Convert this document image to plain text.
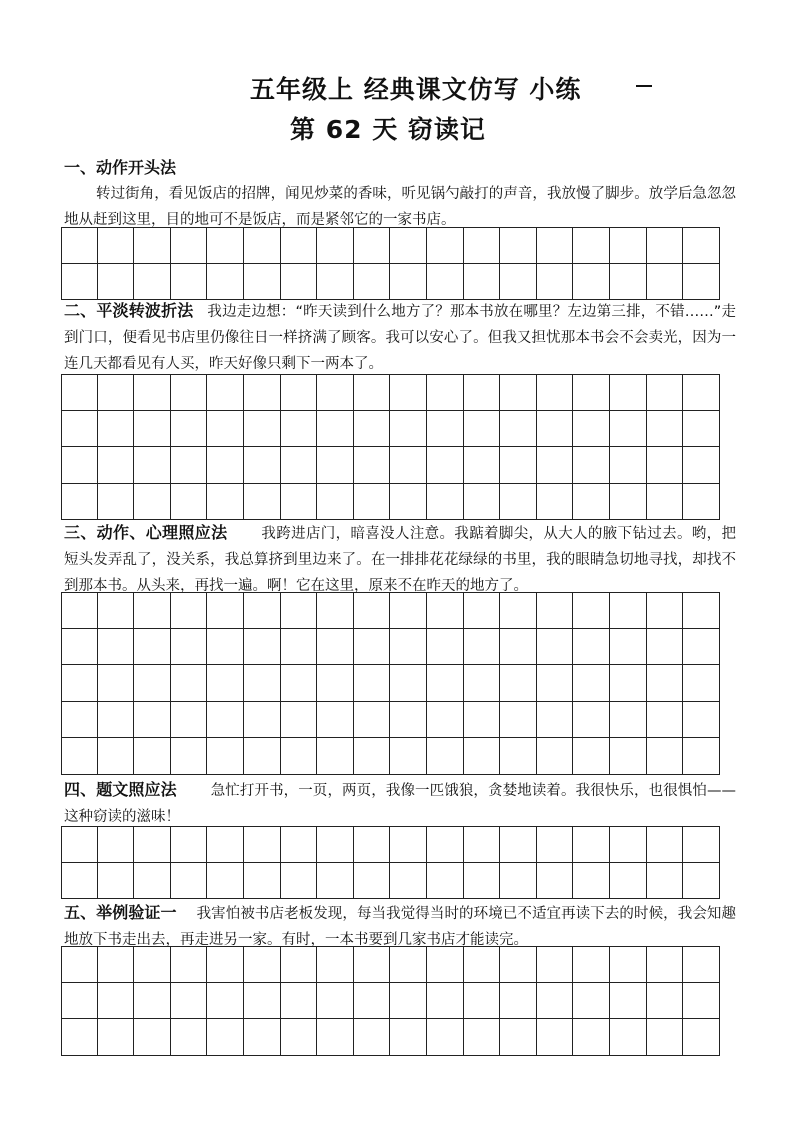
五年级上 经典课文仿写 小练
第 62 天 窃读记
一、动作开头法
转过街角，看见饭店的招牌，闻见炒菜的香味，听见锅勺敲打的声音，我放慢了脚步。放学后急忽忽地从赶到这里，目的地可不是饭店，而是紧邻它的一家书店。
二、平淡转波折法 我边走边想：“昨天读到什么地方了？那本书放在哪里？左边第三排，不错……”走到门口，便看见书店里仍像往日一样挤满了顾客。我可以安心了。但我又担忧那本书会不会卖光，因为一连几天都看见有人买，昨天好像只剩下一两本了。
三、动作、心理照应法 我跨进店门，暗喜没人注意。我踮着脚尖，从大人的腋下钻过去。哟，把短头发弄乱了，没关系，我总算挤到里边来了。在一排排花花绿绿的书里，我的眼睛急切地寻找，却找不到那本书。从头来，再找一遍。啊！它在这里，原来不在昨天的地方了。
四、题文照应法 急忙打开书，一页，两页，我像一匹饿狼，贪婪地读着。我很快乐，也很惧怕——这种窃读的滋味！
五、举例验证一 我害怕被书店老板发现，每当我觉得当时的环境已不适宜再读下去的时候，我会知趣地放下书走出去，再走进另一家。有时，一本书要到几家书店才能读完。
